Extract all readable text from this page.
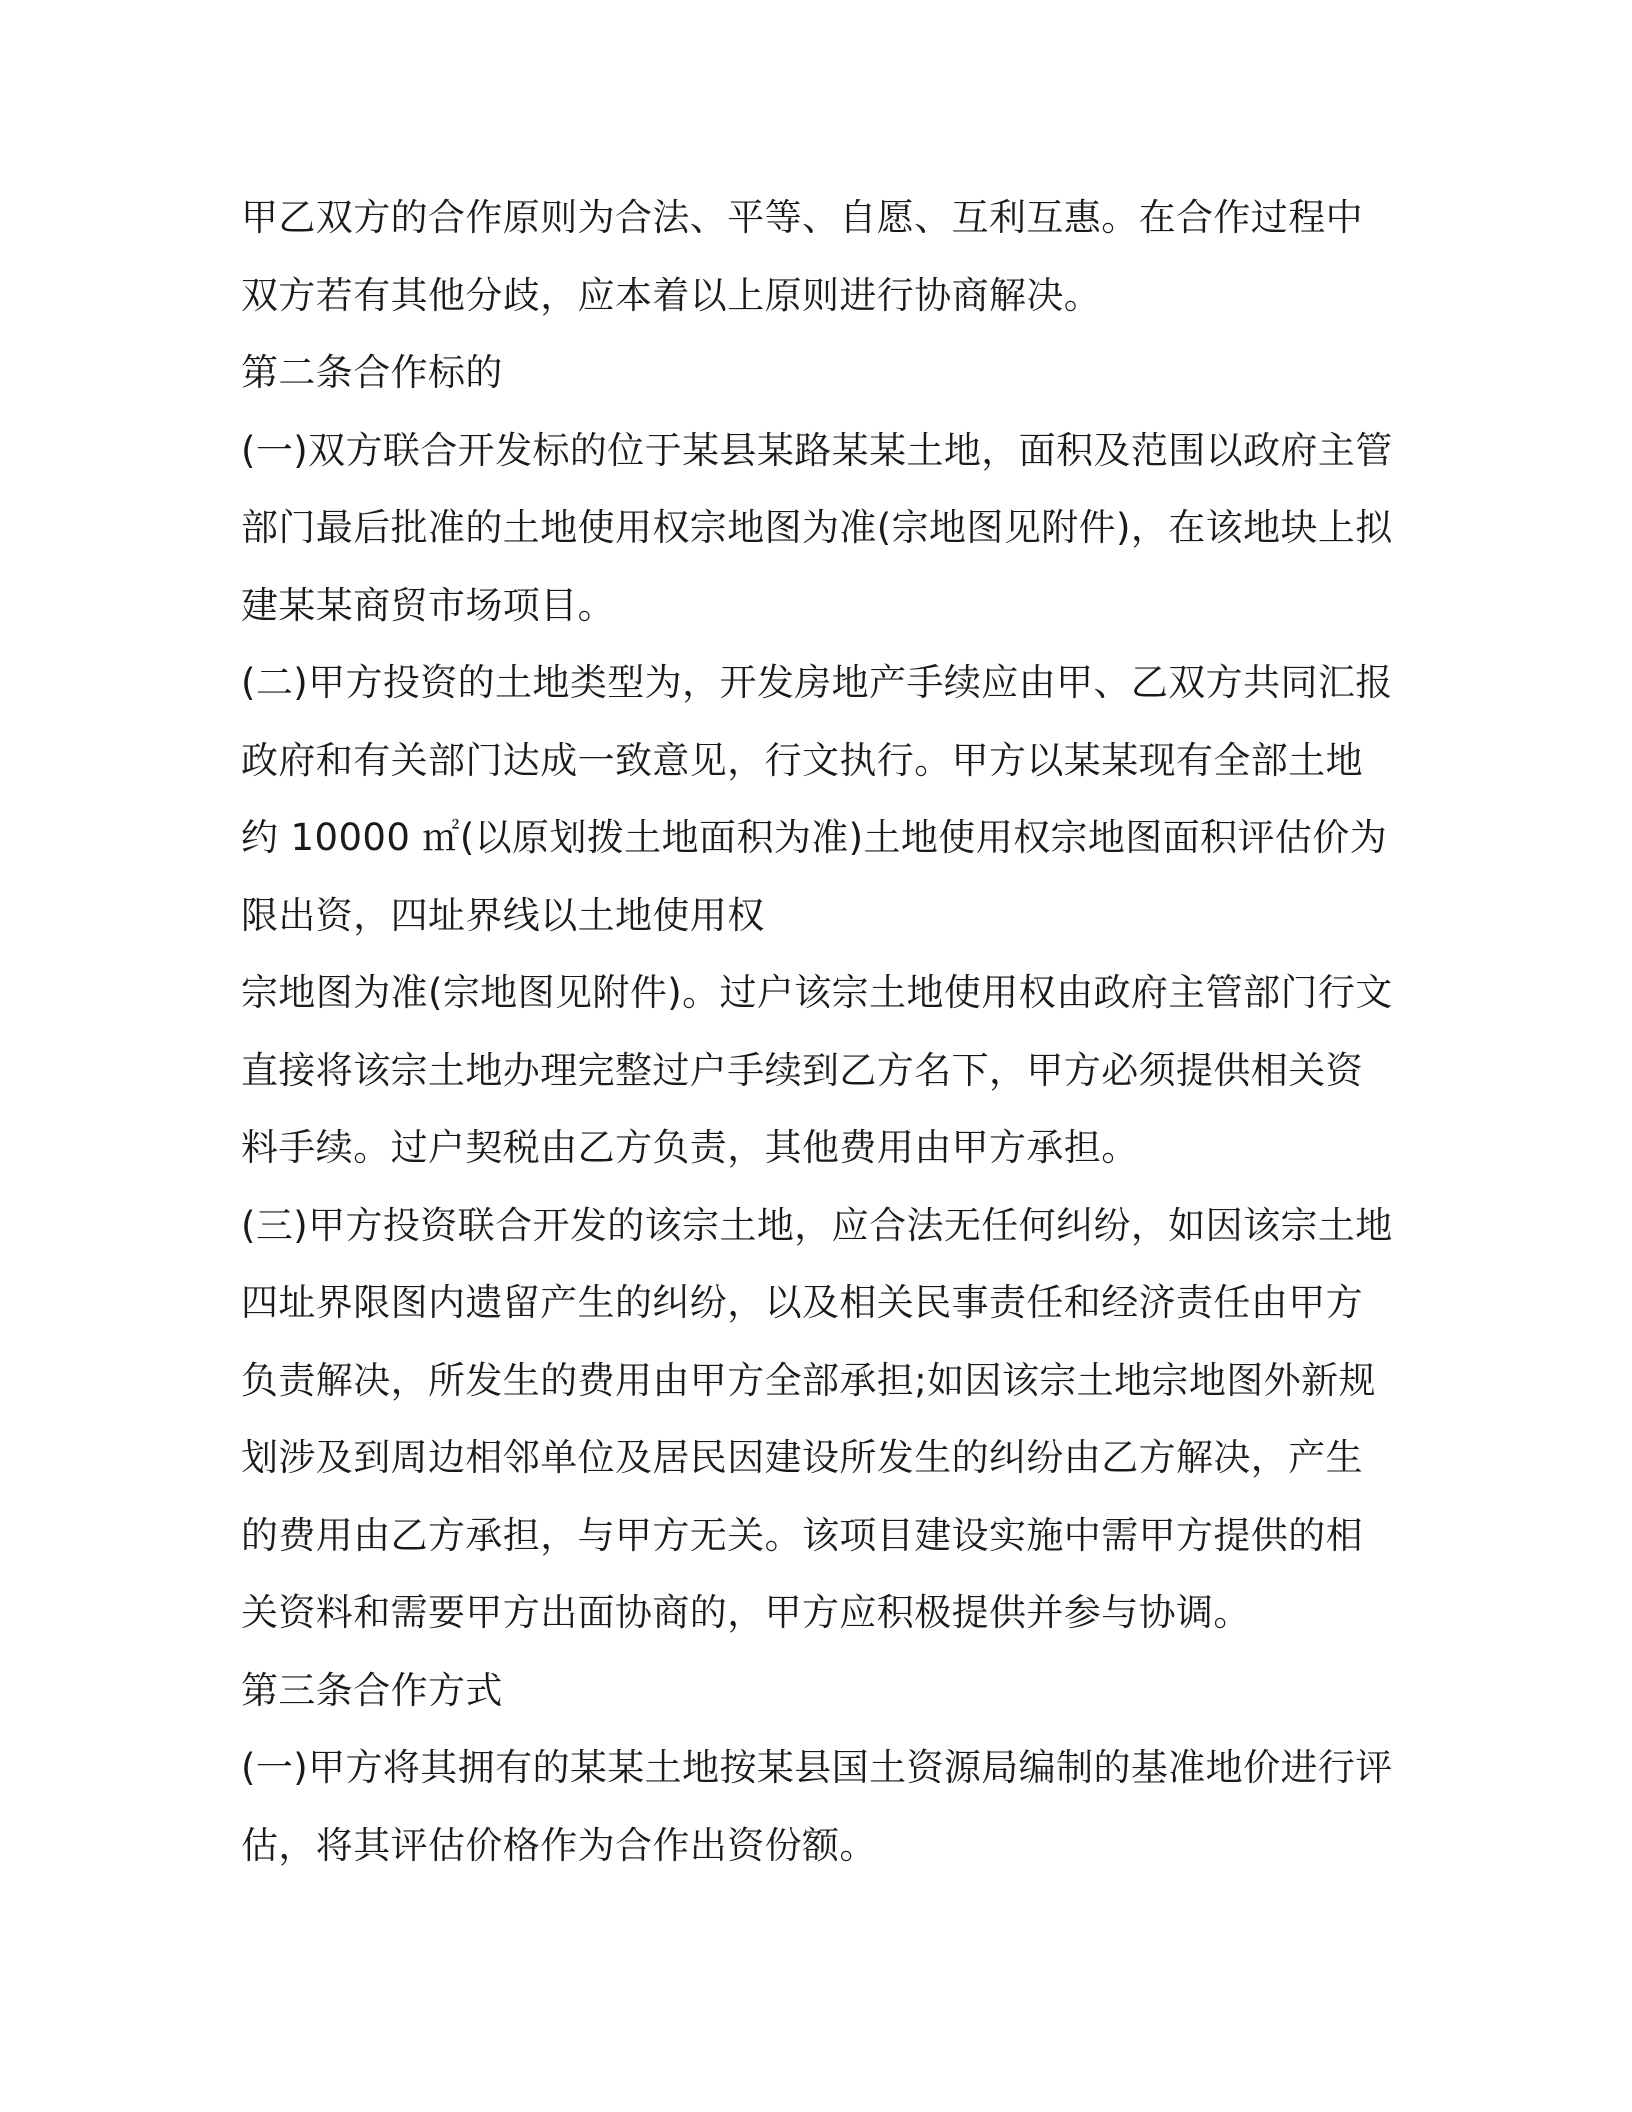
甲乙双方的合作原则为合法、平等、自愿、互利互惠。在合作过程中
双方若有其他分歧，应本着以上原则进行协商解决。
第二条合作标的
(一)双方联合开发标的位于某县某路某某土地，面积及范围以政府主管
部门最后批准的土地使用权宗地图为准(宗地图见附件)，在该地块上拟
建某某商贸市场项目。
(二)甲方投资的土地类型为，开发房地产手续应由甲、乙双方共同汇报
政府和有关部门达成一致意见，行文执行。甲方以某某现有全部土地
约 10000 ㎡(以原划拨土地面积为准)土地使用权宗地图面积评估价为
限出资，四址界线以土地使用权
宗地图为准(宗地图见附件)。过户该宗土地使用权由政府主管部门行文
直接将该宗土地办理完整过户手续到乙方名下，甲方必须提供相关资
料手续。过户契税由乙方负责，其他费用由甲方承担。
(三)甲方投资联合开发的该宗土地，应合法无任何纠纷，如因该宗土地
四址界限图内遗留产生的纠纷，以及相关民事责任和经济责任由甲方
负责解决，所发生的费用由甲方全部承担;如因该宗土地宗地图外新规
划涉及到周边相邻单位及居民因建设所发生的纠纷由乙方解决，产生
的费用由乙方承担，与甲方无关。该项目建设实施中需甲方提供的相
关资料和需要甲方出面协商的，甲方应积极提供并参与协调。
第三条合作方式
(一)甲方将其拥有的某某土地按某县国土资源局编制的基准地价进行评
估，将其评估价格作为合作出资份额。
